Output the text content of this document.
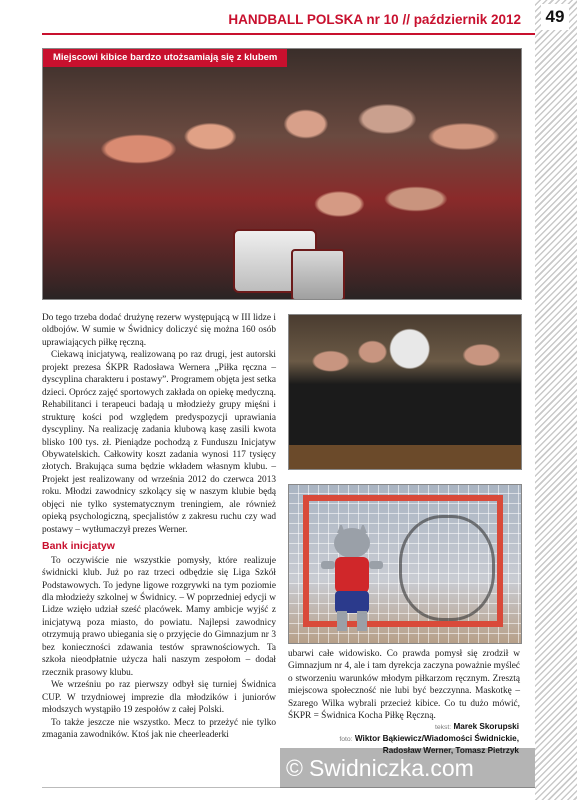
HANDBALL POLSKA nr 10 // październik 2012 49
Miejscowi kibice bardzo utożsamiają się z klubem

Do tego trzeba dodać drużynę rezerw występującą w III lidze i oldbojów. W sumie w Świdnicy doliczyć się można 160 osób uprawiających piłkę ręczną.

Ciekawą inicjatywą, realizowaną po raz drugi, jest autorski projekt prezesa ŚKPR Radosława Wernera „Piłka ręczna – dyscyplina charakteru i postawy”. Programem objęta jest setka dzieci. Oprócz zajęć sportowych zakłada on opiekę medyczną. Rehabilitanci i terapeuci badają u młodzieży grupy mięśni i strukturę kości pod względem predyspozycji uprawiania dyscypliny. Na realizację zadania klubową kasę zasili kwota blisko 100 tys. zł. Pieniądze pochodzą z Funduszu Inicjatyw Obywatelskich. Całkowity koszt zadania wynosi 117 tysięcy złotych. Brakująca suma będzie wkładem własnym klubu. – Projekt jest realizowany od września 2012 do czerwca 2013 roku. Młodzi zawodnicy szkolący się w naszym klubie będą objęci nie tylko systematycznym treningiem, ale również opieką psychologiczną, specjalistów z zakresu ruchu czy wad postawy – wytłumaczył prezes Werner.

Bank inicjatyw

To oczywiście nie wszystkie pomysły, które realizuje świdnicki klub. Już po raz trzeci odbędzie się Liga Szkół Podstawowych. To jedyne ligowe rozgrywki na tym poziomie dla młodzieży szkolnej w Świdnicy. – W poprzedniej edycji w Lidze wzięło udział sześć placówek. Mamy ambicje wyjść z inicjatywą poza miasto, do powiatu. Najlepsi zawodnicy otrzymują prawo ubiegania się o przyjęcie do Gimnazjum nr 3 bez konieczności zdawania testów sprawnościowych. Ta szkoła nieodpłatnie użycza hali naszym zespołom – dodał rzecznik prasowy klubu.

We wrześniu po raz pierwszy odbył się turniej Świdnica CUP. W trzydniowej imprezie dla młodzików i juniorów młodszych wystąpiło 19 zespołów z całej Polski.

To także jeszcze nie wszystko. Mecz to przeżyć nie tylko zmagania zawodników. Ktoś jak nie cheerleaderki

ubarwi całe widowisko. Co prawda pomysł się zrodził w Gimnazjum nr 4, ale i tam dyrekcja zaczyna poważnie myśleć o stworzeniu warunków młodym piłkarzom ręcznym. Zresztą miejscowa społeczność nie lubi być bezczynna. Maskotkę – Szarego Wilka wybrali przecież kibice. Co tu dużo mówić, ŚKPR = Świdnica Kocha Piłkę Ręczną.

tekst: Marek Skorupski
foto: Wiktor Bąkiewicz/Wiadomości Świdnickie,
Radosław Werner, Tomasz Pietrzyk
© Swidniczka.com
